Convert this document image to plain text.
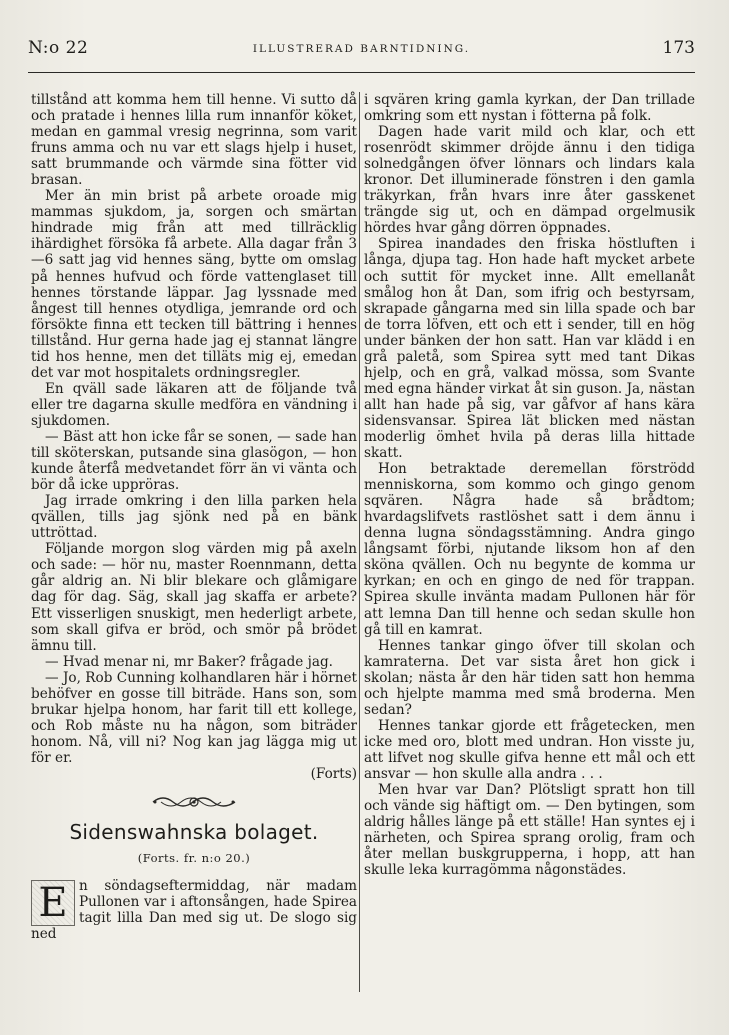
N:o 22	ILLUSTRERAD BARNTIDNING.	173

tillstånd att komma hem till henne. Vi sutto då och pratade i hennes lilla rum innanför köket, medan en gammal vresig negrinna, som varit fruns amma och nu var ett slags hjelp i huset, satt brummande och värmde sina fötter vid brasan.

Mer än min brist på arbete oroade mig mammas sjukdom, ja, sorgen och smärtan hindrade mig från att med tillräcklig ihärdighet försöka få arbete. Alla dagar från 3—6 satt jag vid hennes säng, bytte om omslag på hennes hufvud och förde vattenglaset till hennes törstande läppar. Jag lyssnade med ångest till hennes otydliga, jemrande ord och försökte finna ett tecken till bättring i hennes tillstånd. Hur gerna hade jag ej stannat längre tid hos henne, men det tilläts mig ej, emedan det var mot hospitalets ordningsregler.

En qväll sade läkaren att de följande två eller tre dagarna skulle medföra en vändning i sjukdomen.

— Bäst att hon icke får se sonen, — sade han till sköterskan, putsande sina glasögon, — hon kunde återfå medvetandet förr än vi vänta och bör då icke uppröras.

Jag irrade omkring i den lilla parken hela qvällen, tills jag sjönk ned på en bänk uttröttad.

Följande morgon slog värden mig på axeln och sade: — hör nu, master Roennmann, detta går aldrig an. Ni blir blekare och glåmigare dag för dag. Säg, skall jag skaffa er arbete? Ett visserligen snuskigt, men hederligt arbete, som skall gifva er bröd, och smör på brödet ämnu till.

— Hvad menar ni, mr Baker? frågade jag.

— Jo, Rob Cunning kolhandlaren här i hörnet behöfver en gosse till biträde. Hans son, som brukar hjelpa honom, har farit till ett kollege, och Rob måste nu ha någon, som biträder honom. Nå, vill ni? Nog kan jag lägga mig ut för er.

(Forts)

Sidenswahnska bolaget.
(Forts. fr. n:o 20.)

E n söndagseftermiddag, när madam Pullonen var i aftonsången, hade Spirea tagit lilla Dan med sig ut. De slogo sig ned

i sqvären kring gamla kyrkan, der Dan trillade omkring som ett nystan i fötterna på folk.

Dagen hade varit mild och klar, och ett rosenrödt skimmer dröjde ännu i den tidiga solnedgången öfver lönnars och lindars kala kronor. Det illuminerade fönstren i den gamla träkyrkan, från hvars inre åter gasskenet trängde sig ut, och en dämpad orgelmusik hördes hvar gång dörren öppnades.

Spirea inandades den friska höstluften i långa, djupa tag. Hon hade haft mycket arbete och suttit för mycket inne. Allt emellanåt smålog hon åt Dan, som ifrig och bestyrsam, skrapade gångarna med sin lilla spade och bar de torra löfven, ett och ett i sender, till en hög under bänken der hon satt. Han var klädd i en grå paletå, som Spirea sytt med tant Dikas hjelp, och en grå, valkad mössa, som Svante med egna händer virkat åt sin guson. Ja, nästan allt han hade på sig, var gåfvor af hans kära sidensvansar. Spirea lät blicken med nästan moderlig ömhet hvila på deras lilla hittade skatt.

Hon betraktade deremellan förströdd menniskorna, som kommo och gingo genom sqvären. Några hade så brådtom; hvardagslifvets rastlöshet satt i dem ännu i denna lugna söndagsstämning. Andra gingo långsamt förbi, njutande liksom hon af den sköna qvällen. Och nu begynte de komma ur kyrkan; en och en gingo de ned för trappan. Spirea skulle invänta madam Pullonen här för att lemna Dan till henne och sedan skulle hon gå till en kamrat.

Hennes tankar gingo öfver till skolan och kamraterna. Det var sista året hon gick i skolan; nästa år den här tiden satt hon hemma och hjelpte mamma med små broderna. Men sedan?

Hennes tankar gjorde ett frågetecken, men icke med oro, blott med undran. Hon visste ju, att lifvet nog skulle gifva henne ett mål och ett ansvar — hon skulle alla andra . . .

Men hvar var Dan? Plötsligt spratt hon till och vände sig häftigt om. — Den bytingen, som aldrig hålles länge på ett ställe! Han syntes ej i närheten, och Spirea sprang orolig, fram och åter mellan buskgrupperna, i hopp, att han skulle leka kurragömma någonstädes.
